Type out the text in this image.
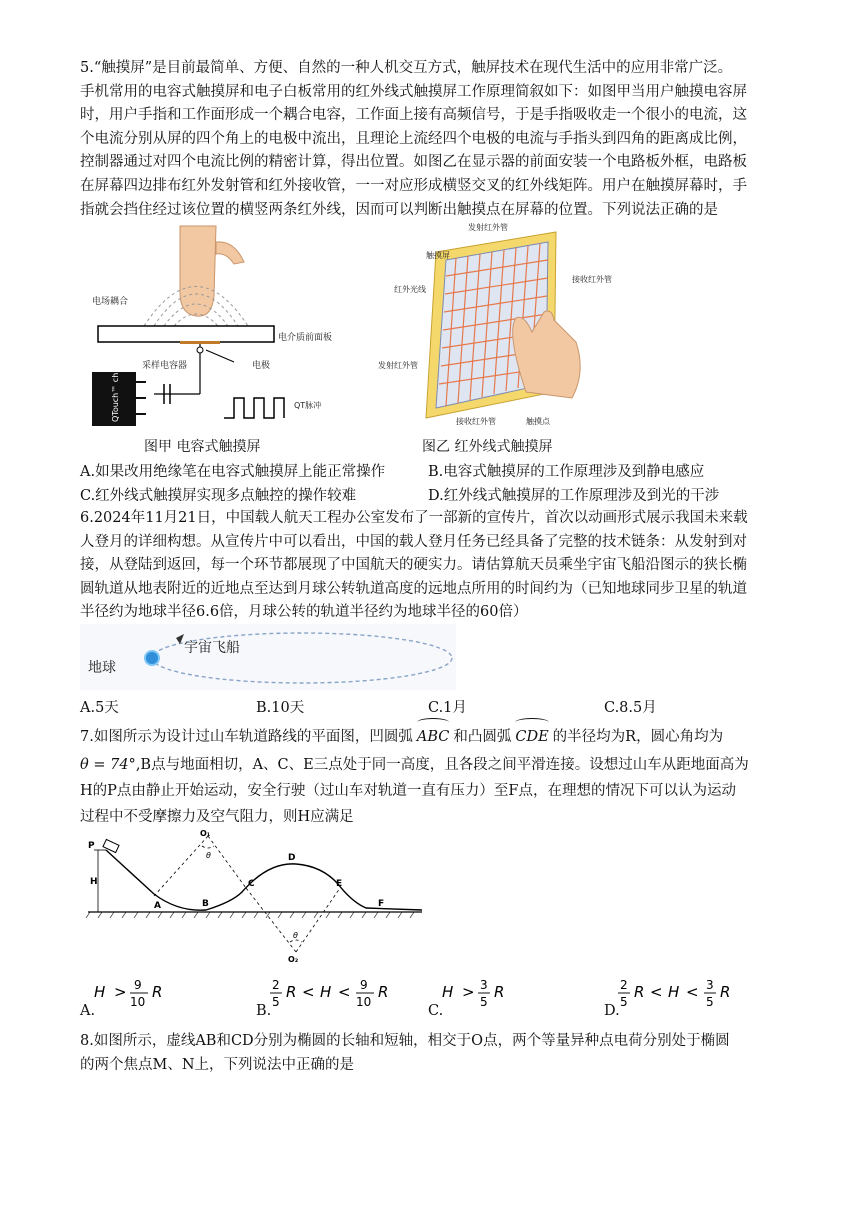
5.“触摸屏”是目前最简单、方便、自然的一种人机交互方式，触屏技术在现代生活中的应用非常广泛。
手机常用的电容式触摸屏和电子白板常用的红外线式触摸屏工作原理简叙如下：如图甲当用户触摸电容屏
时，用户手指和工作面形成一个耦合电容，工作面上接有高频信号，于是手指吸收走一个很小的电流，这
个电流分别从屏的四个角上的电极中流出，且理论上流经四个电极的电流与手指头到四角的距离成比例，
控制器通过对四个电流比例的精密计算，得出位置。如图乙在显示器的前面安装一个电路板外框，电路板
在屏幕四边排布红外发射管和红外接收管，一一对应形成横竖交叉的红外线矩阵。用户在触摸屏幕时，手
指就会挡住经过该位置的横竖两条红外线，因而可以判断出触摸点在屏幕的位置。下列说法正确的是
电场耦合
电介质前面板
采样电容器	电极
QT脉冲
QTouch™ chip
图甲 电容式触摸屏
发射红外管
触摸屏
红外光线
接收红外管
发射红外管
接收红外管	触摸点
图乙 红外线式触摸屏
A.如果改用绝缘笔在电容式触摸屏上能正常操作	B.电容式触摸屏的工作原理涉及到静电感应
C.红外线式触摸屏实现多点触控的操作较难	D.红外线式触摸屏的工作原理涉及到光的干涉
6.2024年11月21日，中国载人航天工程办公室发布了一部新的宣传片，首次以动画形式展示我国未来载
人登月的详细构想。从宣传片中可以看出，中国的载人登月任务已经具备了完整的技术链条：从发射到对
接，从登陆到返回，每一个环节都展现了中国航天的硬实力。请估算航天员乘坐宇宙飞船沿图示的狭长椭
圆轨道从地表附近的近地点至达到月球公转轨道高度的远地点所用的时间约为（已知地球同步卫星的轨道
半径约为地球半径6.6倍，月球公转的轨道半径约为地球半径的60倍）
地球
宇宙飞船
A.5天	B.10天	C.1月	C.8.5月
7.如图所示为设计过山车轨道路线的平面图，凹圆弧 ABC 和凸圆弧 CDE 的半径均为R，圆心角均为
θ = 74°,B点与地面相切，A、C、E三点处于同一高度，且各段之间平滑连接。设想过山车从距地面高为
H的P点由静止开始运动，安全行驶（过山车对轨道一直有压力）至F点，在理想的情况下可以认为运动
过程中不受摩擦力及空气阻力，则H应满足
H
P
O₁
θ
O₂
θ
A	B
C
D
E
F
H > 9
10
R
A.
2
5
R < H < 9
10
R
B.
H > 3
5
R
C.
2
5
R < H < 3
5
R
D.
8.如图所示，虚线AB和CD分别为椭圆的长轴和短轴，相交于O点，两个等量异种点电荷分别处于椭圆
的两个焦点M、N上，下列说法中正确的是
